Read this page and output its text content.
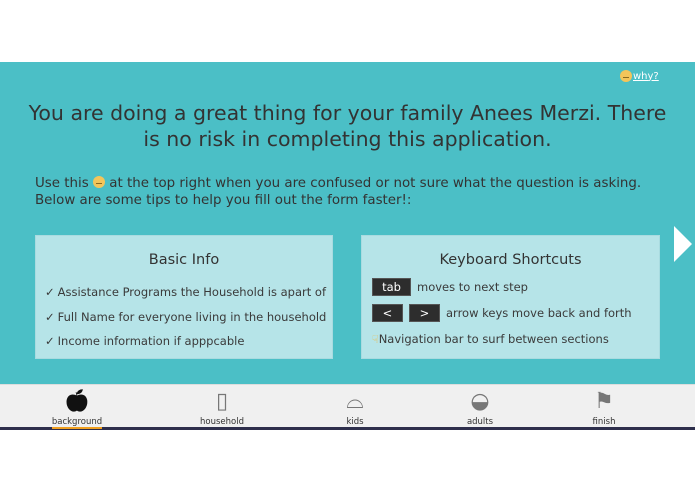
why?
You are doing a great thing for your family Anees Merzi. There is no risk in completing this application.
Use this at the top right when you are confused or not sure what the question is asking.
Below are some tips to help you fill out the form faster!:
Basic Info
✓ Assistance Programs the Household is apart of
✓ Full Name for everyone living in the household
✓ Income information if apppcable
Keyboard Shortcuts
tab	moves to next step
<	>	arrow keys move back and forth
☟ Navigation bar to surf between sections
🍎︎
background
▯
household
⌓
kids
◒
adults
⚑
finish
